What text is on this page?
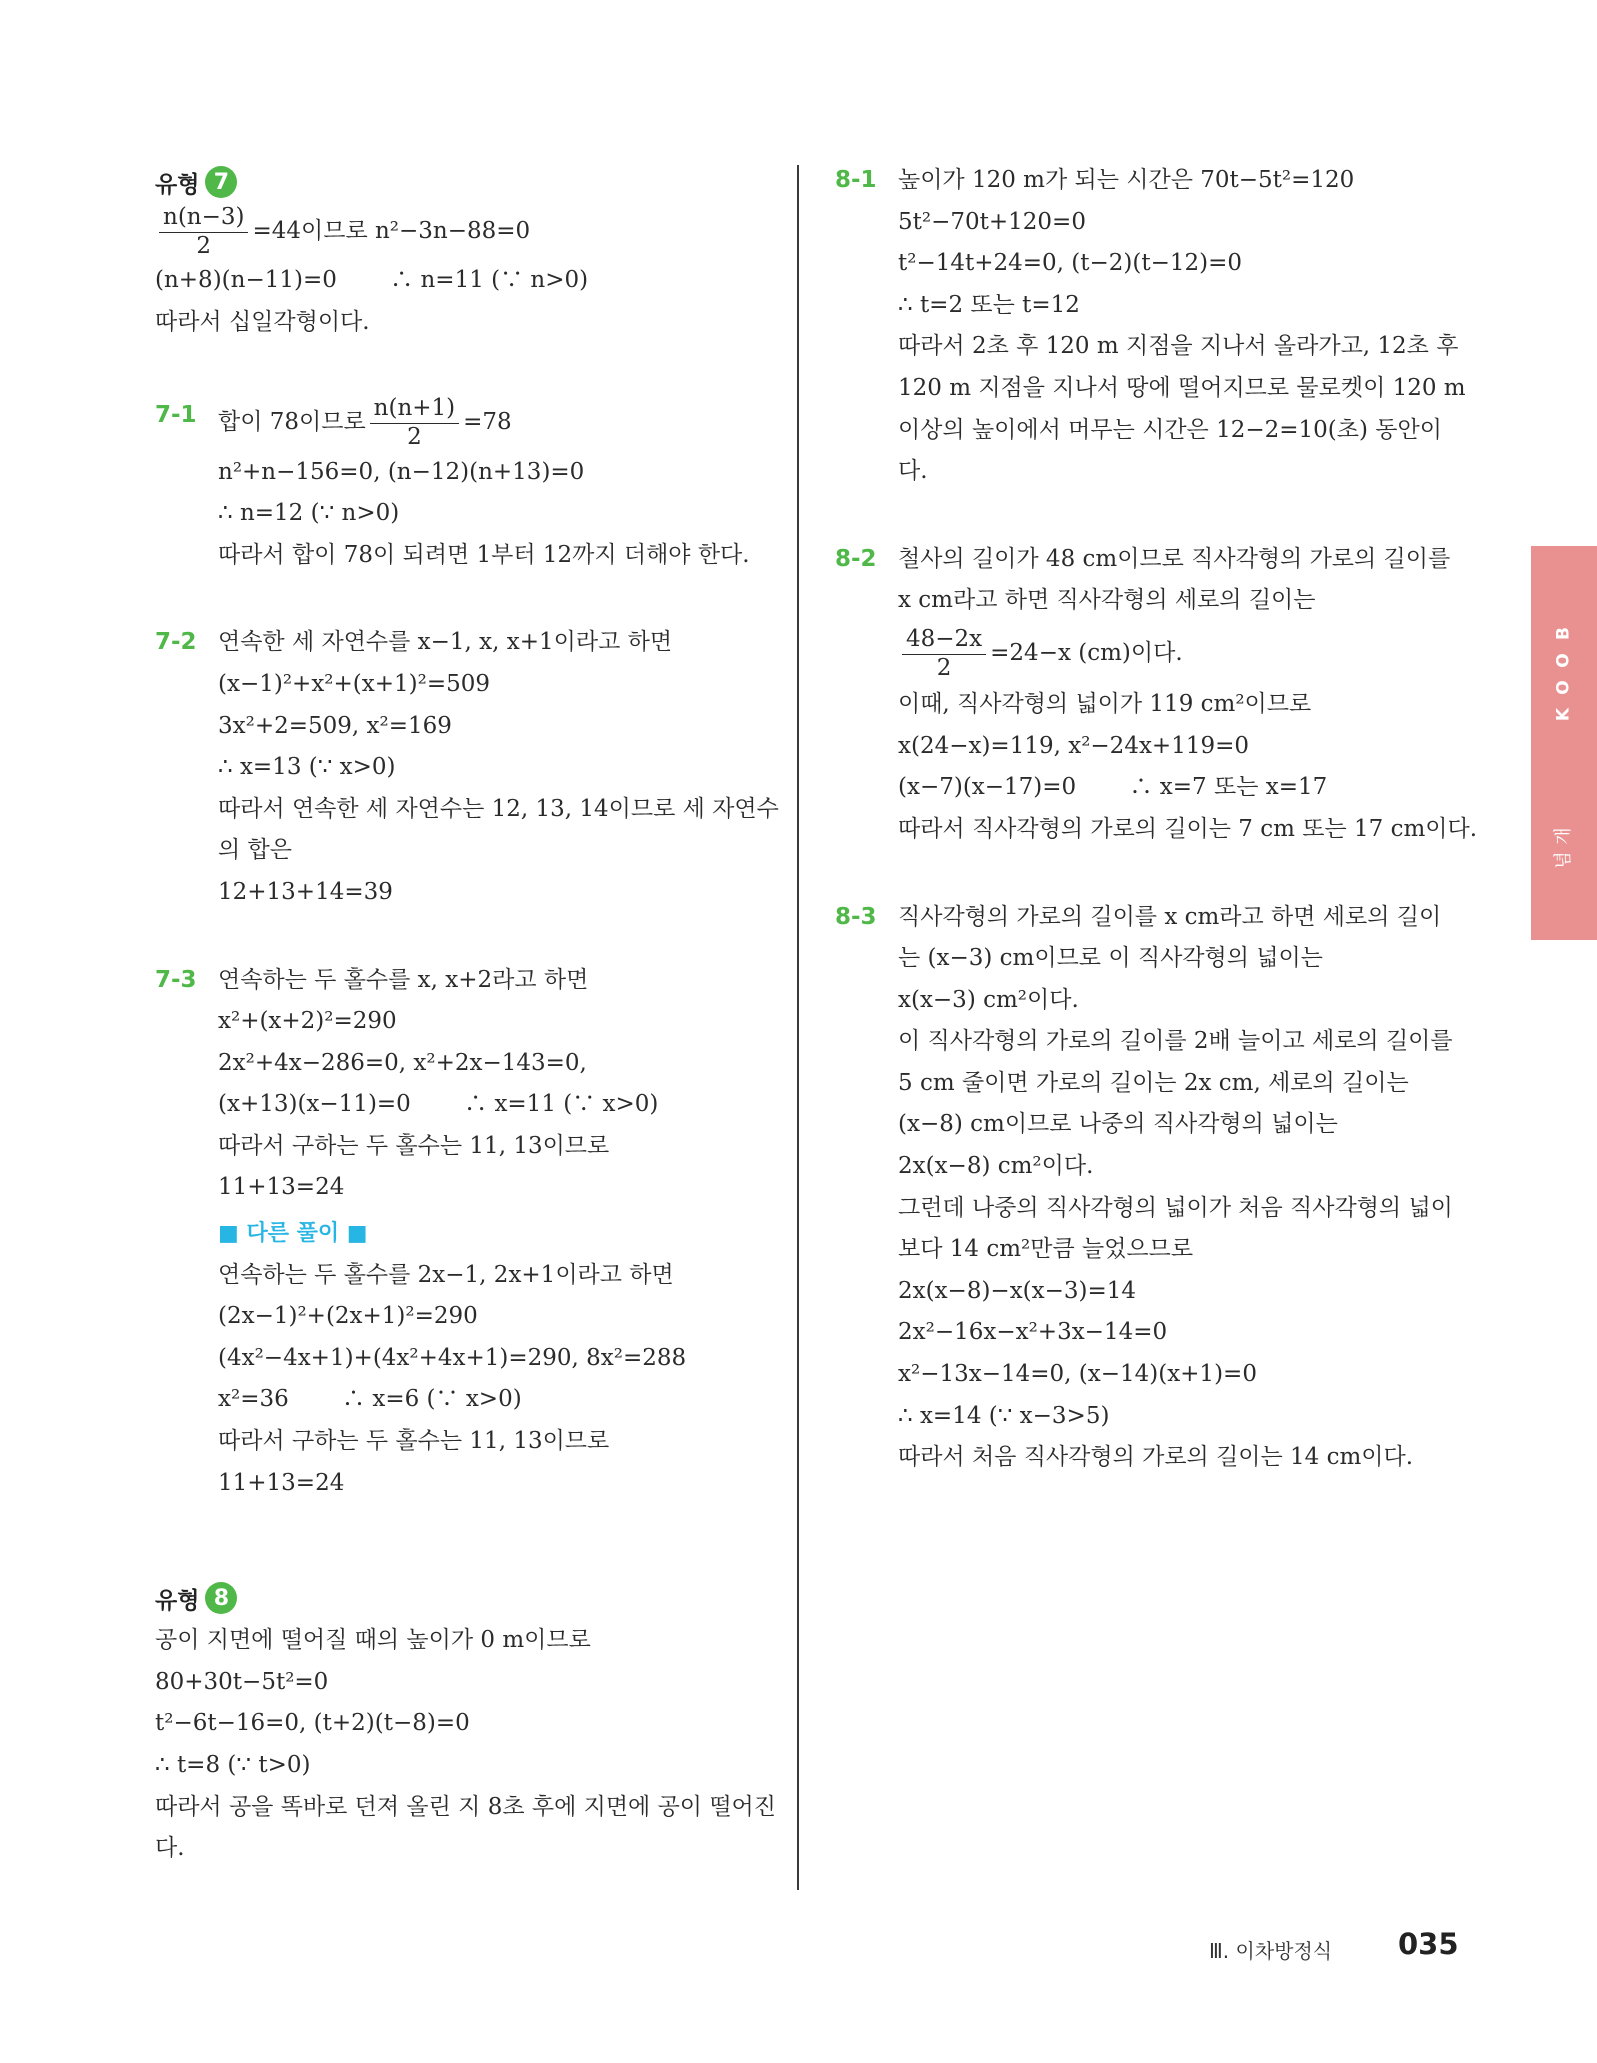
유형 7
$\frac{n(n-3)}{2} =44$이므로 n²−3n−88=0
(n+8)(n−11)=0　　 ∴ n=11 (∵ n>0)
따라서 십일각형이다.
7-1 합이 78이므로 $\frac{n(n+1)}{2} =78$
n²+n−156=0, (n−12)(n+13)=0
∴ n=12 (∵ n>0)
따라서 합이 78이 되려면 1부터 12까지 더해야 한다.
7-2 연속한 세 자연수를 x−1, x, x+1이라고 하면
(x−1)²+x²+(x+1)²=509
3x²+2=509, x²=169
∴ x=13 (∵ x>0)
따라서 연속한 세 자연수는 12, 13, 14이므로 세 자연수
의 합은
12+13+14=39
7-3 연속하는 두 홀수를 x, x+2라고 하면
x²+(x+2)²=290
2x²+4x−286=0, x²+2x−143=0,
(x+13)(x−11)=0　　 ∴ x=11 (∵ x>0)
따라서 구하는 두 홀수는 11, 13이므로
11+13=24
■ 다른 풀이 ■
연속하는 두 홀수를 2x−1, 2x+1이라고 하면
(2x−1)²+(2x+1)²=290
(4x²−4x+1)+(4x²+4x+1)=290, 8x²=288
x²=36　　 ∴ x=6 (∵ x>0)
따라서 구하는 두 홀수는 11, 13이므로
11+13=24
유형 8
공이 지면에 떨어질 때의 높이가 0 m이므로
80+30t−5t²=0
t²−6t−16=0, (t+2)(t−8)=0
∴ t=8 (∵ t>0)
따라서 공을 똑바로 던져 올린 지 8초 후에 지면에 공이 떨어진
다.
8-1 높이가 120 m가 되는 시간은 70t−5t²=120
5t²−70t+120=0
t²−14t+24=0, (t−2)(t−12)=0
∴ t=2 또는 t=12
따라서 2초 후 120 m 지점을 지나서 올라가고, 12초 후
120 m 지점을 지나서 땅에 떨어지므로 물로켓이 120 m
이상의 높이에서 머무는 시간은 12−2=10(초) 동안이
다.
8-2 철사의 길이가 48 cm이므로 직사각형의 가로의 길이를
x cm라고 하면 직사각형의 세로의 길이는
$\frac{48-2x}{2} =24-x$ (cm)이다.
이때, 직사각형의 넓이가 119 cm²이므로
x(24−x)=119, x²−24x+119=0
(x−7)(x−17)=0　　 ∴ x=7 또는 x=17
따라서 직사각형의 가로의 길이는 7 cm 또는 17 cm이다.
8-3 직사각형의 가로의 길이를 x cm라고 하면 세로의 길이
는 (x−3) cm이므로 이 직사각형의 넓이는
x(x−3) cm²이다.
이 직사각형의 가로의 길이를 2배 늘이고 세로의 길이를
5 cm 줄이면 가로의 길이는 2x cm, 세로의 길이는
(x−8) cm이므로 나중의 직사각형의 넓이는
2x(x−8) cm²이다.
그런데 나중의 직사각형의 넓이가 처음 직사각형의 넓이
보다 14 cm²만큼 늘었으므로
2x(x−8)−x(x−3)=14
2x²−16x−x²+3x−14=0
x²−13x−14=0, (x−14)(x+1)=0
∴ x=14 (∵ x−3>5)
따라서 처음 직사각형의 가로의 길이는 14 cm이다.
B
O
O
K
개
념
Ⅲ. 이차방정식 035
